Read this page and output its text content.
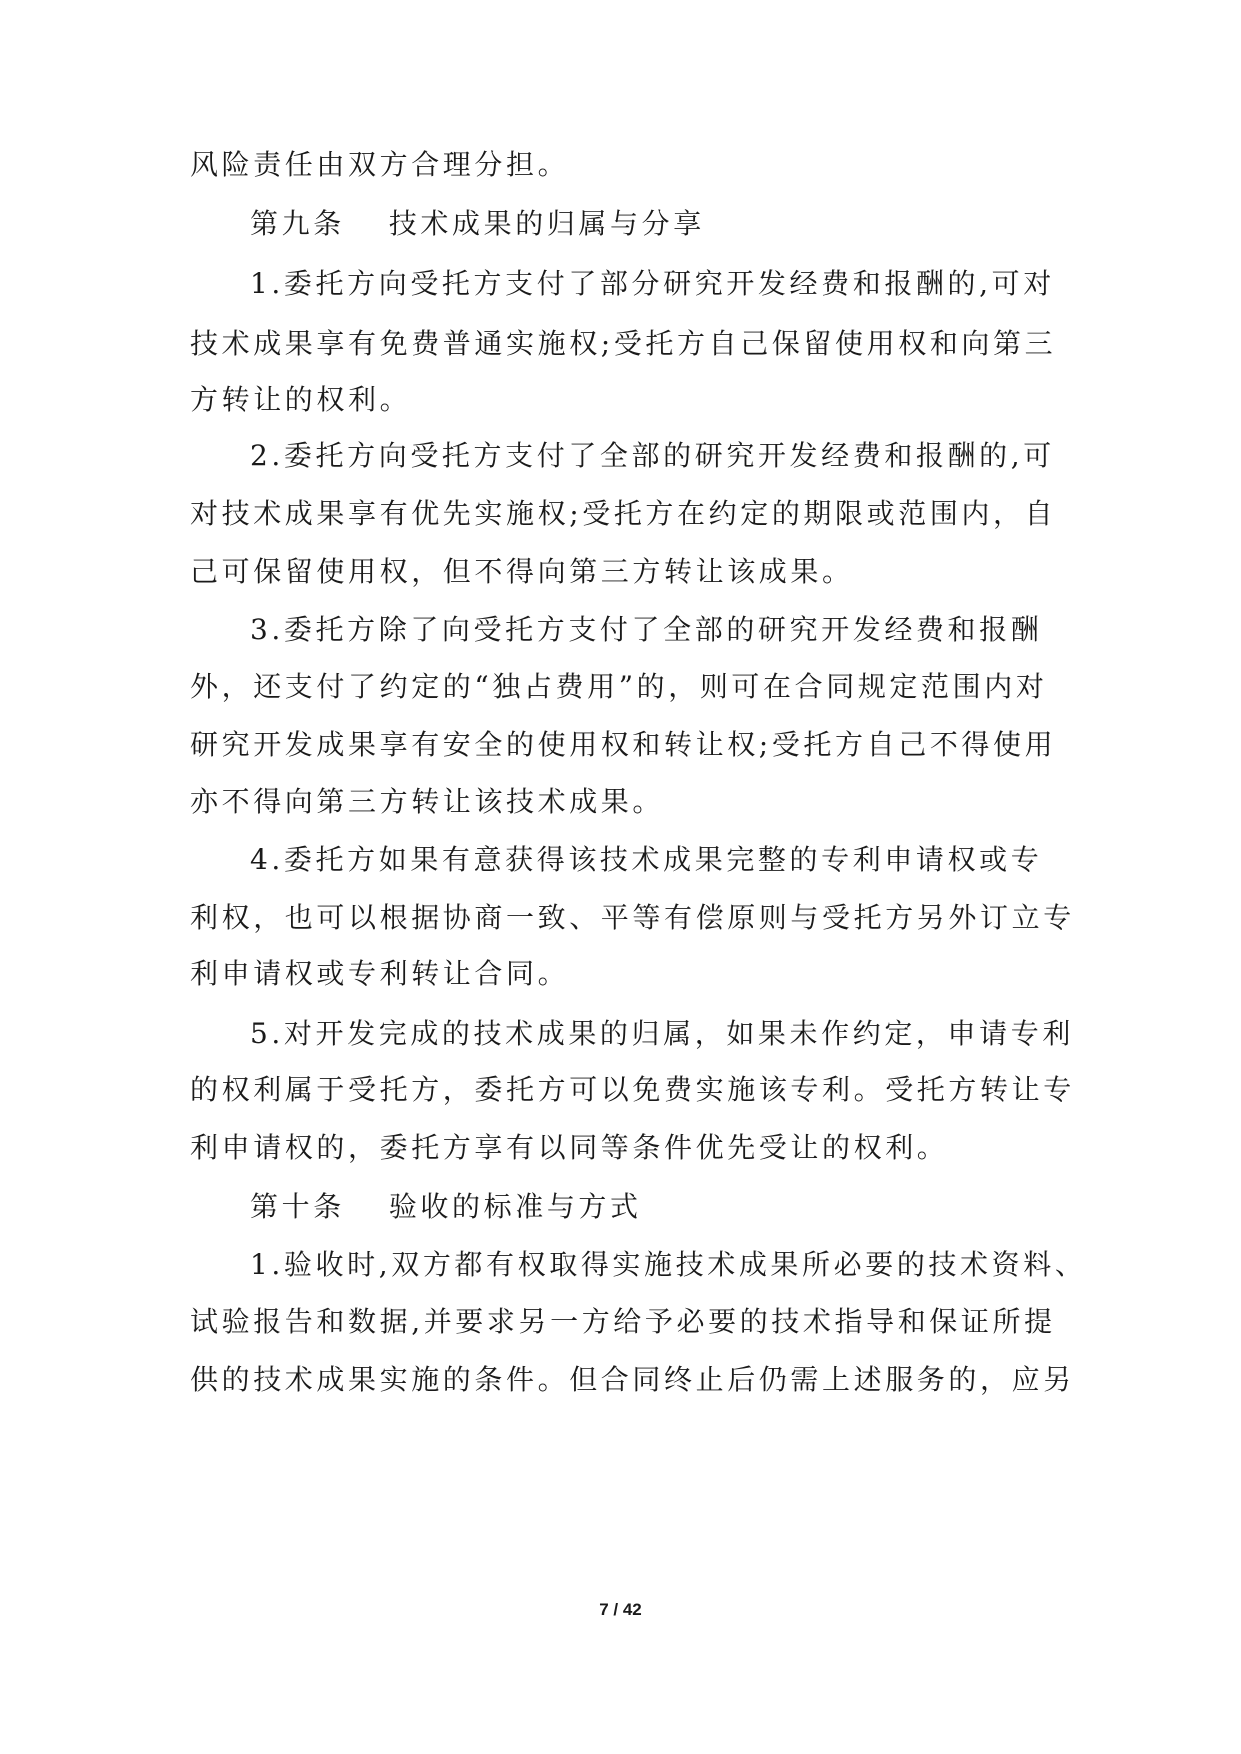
风险责任由双方合理分担。
第九条 技术成果的归属与分享
1.委托方向受托方支付了部分研究开发经费和报酬的,可对
技术成果享有免费普通实施权;受托方自己保留使用权和向第三
方转让的权利。
2.委托方向受托方支付了全部的研究开发经费和报酬的,可
对技术成果享有优先实施权;受托方在约定的期限或范围内，自
己可保留使用权，但不得向第三方转让该成果。
3.委托方除了向受托方支付了全部的研究开发经费和报酬
外，还支付了约定的“独占费用”的，则可在合同规定范围内对
研究开发成果享有安全的使用权和转让权;受托方自己不得使用
亦不得向第三方转让该技术成果。
4.委托方如果有意获得该技术成果完整的专利申请权或专
利权，也可以根据协商一致、平等有偿原则与受托方另外订立专
利申请权或专利转让合同。
5.对开发完成的技术成果的归属，如果未作约定，申请专利
的权利属于受托方，委托方可以免费实施该专利。受托方转让专
利申请权的，委托方享有以同等条件优先受让的权利。
第十条 验收的标准与方式
1.验收时,双方都有权取得实施技术成果所必要的技术资料、
试验报告和数据,并要求另一方给予必要的技术指导和保证所提
供的技术成果实施的条件。但合同终止后仍需上述服务的，应另
7 / 42
